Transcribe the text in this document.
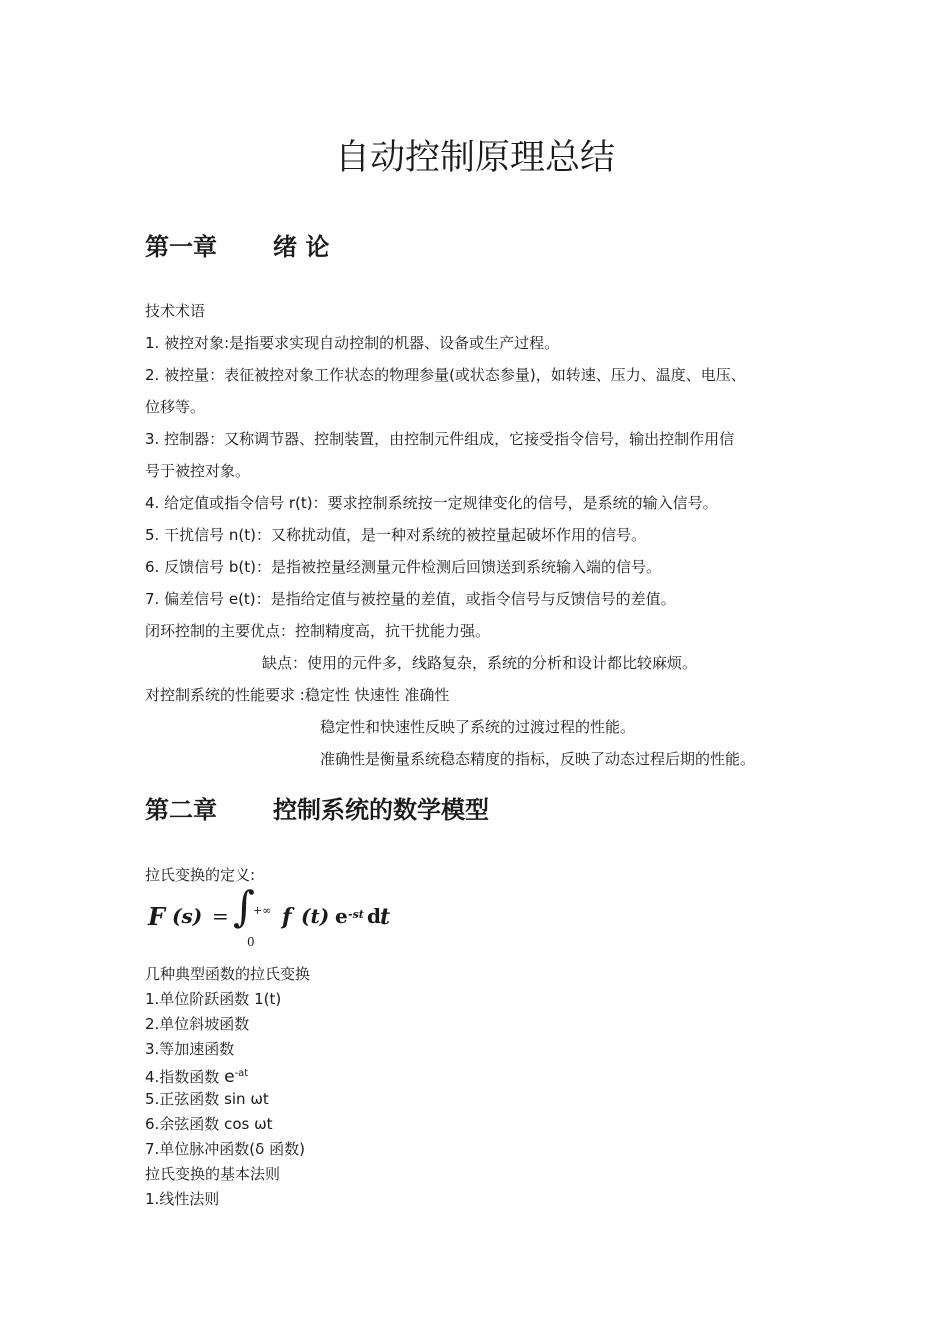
自动控制原理总结
第一章 绪 论
技术术语
1. 被控对象:是指要求实现自动控制的机器、设备或生产过程。
2. 被控量：表征被控对象工作状态的物理参量(或状态参量)，如转速、压力、温度、电压、
位移等。
3. 控制器：又称调节器、控制装置，由控制元件组成，它接受指令信号，输出控制作用信
号于被控对象。
4. 给定值或指令信号 r(t)：要求控制系统按一定规律变化的信号，是系统的输入信号。
5. 干扰信号 n(t)：又称扰动值，是一种对系统的被控量起破坏作用的信号。
6. 反馈信号 b(t)：是指被控量经测量元件检测后回馈送到系统输入端的信号。
7. 偏差信号 e(t)：是指给定值与被控量的差值，或指令信号与反馈信号的差值。
闭环控制的主要优点：控制精度高，抗干扰能力强。
缺点：使用的元件多，线路复杂，系统的分析和设计都比较麻烦。
对控制系统的性能要求 :稳定性 快速性 准确性
稳定性和快速性反映了系统的过渡过程的性能。
准确性是衡量系统稳态精度的指标，反映了动态过程后期的性能。
第二章 控制系统的数学模型
拉氏变换的定义:
F (s) = ∫
+∞
0
f (t) e -st d t
几种典型函数的拉氏变换
1.单位阶跃函数 1(t)
2.单位斜坡函数
3.等加速函数
4.指数函数 $e^{-at}$
5.正弦函数 sin ωt
6.余弦函数 cos ωt
7.单位脉冲函数(δ 函数)
拉氏变换的基本法则
1.线性法则
